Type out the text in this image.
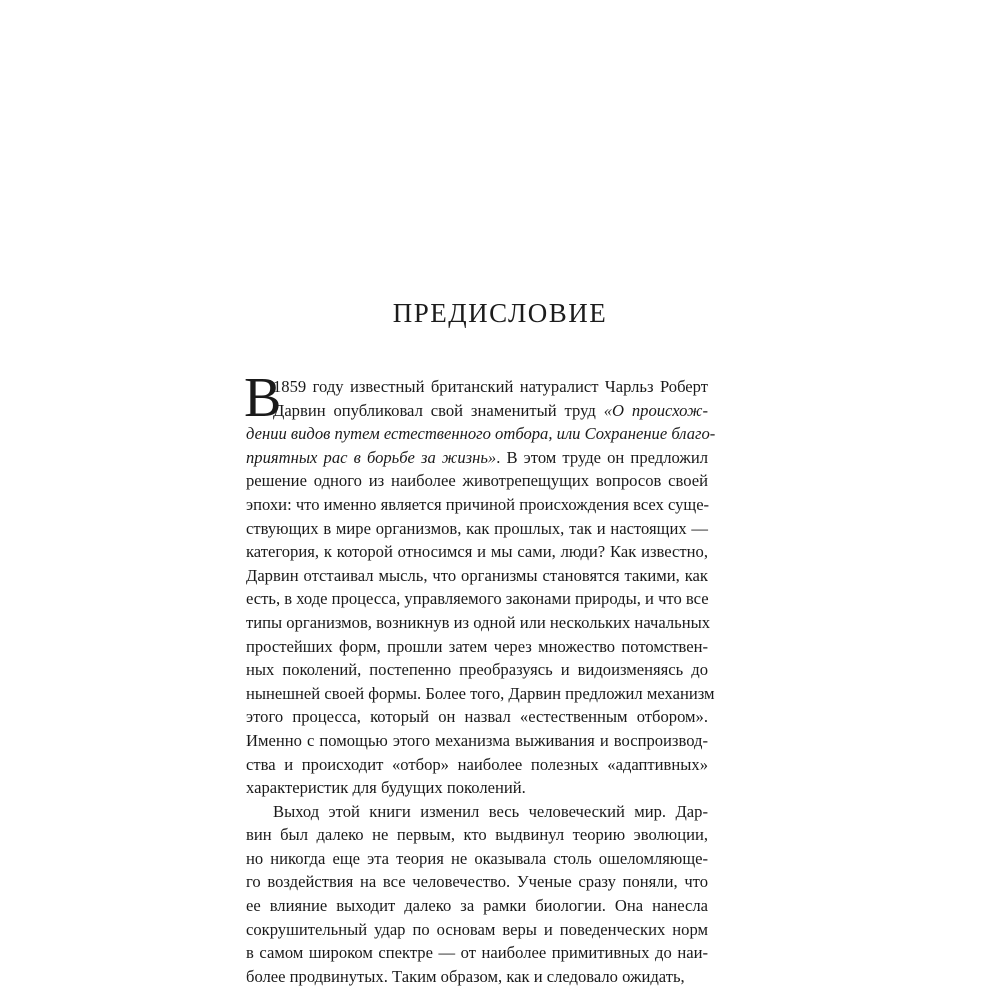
ПРЕДИСЛОВИЕ
В
1859 году известный британский натуралист Чарльз Роберт
Дарвин опубликовал свой знаменитый труд «О происхож-
дении видов путем естественного отбора, или Сохранение благо-
приятных рас в борьбе за жизнь». В этом труде он предложил
решение одного из наиболее животрепещущих вопросов своей
эпохи: что именно является причиной происхождения всех суще-
ствующих в мире организмов, как прошлых, так и настоящих —
категория, к которой относимся и мы сами, люди? Как известно,
Дарвин отстаивал мысль, что организмы становятся такими, как
есть, в ходе процесса, управляемого законами природы, и что все
типы организмов, возникнув из одной или нескольких начальных
простейших форм, прошли затем через множество потомствен-
ных поколений, постепенно преобразуясь и видоизменяясь до
нынешней своей формы. Более того, Дарвин предложил механизм
этого процесса, который он назвал «естественным отбором».
Именно с помощью этого механизма выживания и воспроизвод-
ства и происходит «отбор» наиболее полезных «адаптивных»
характеристик для будущих поколений.
Выход этой книги изменил весь человеческий мир. Дар-
вин был далеко не первым, кто выдвинул теорию эволюции,
но никогда еще эта теория не оказывала столь ошеломляюще-
го воздействия на все человечество. Ученые сразу поняли, что
ее влияние выходит далеко за рамки биологии. Она нанесла
сокрушительный удар по основам веры и поведенческих норм
в самом широком спектре — от наиболее примитивных до наи-
более продвинутых. Таким образом, как и следовало ожидать,
